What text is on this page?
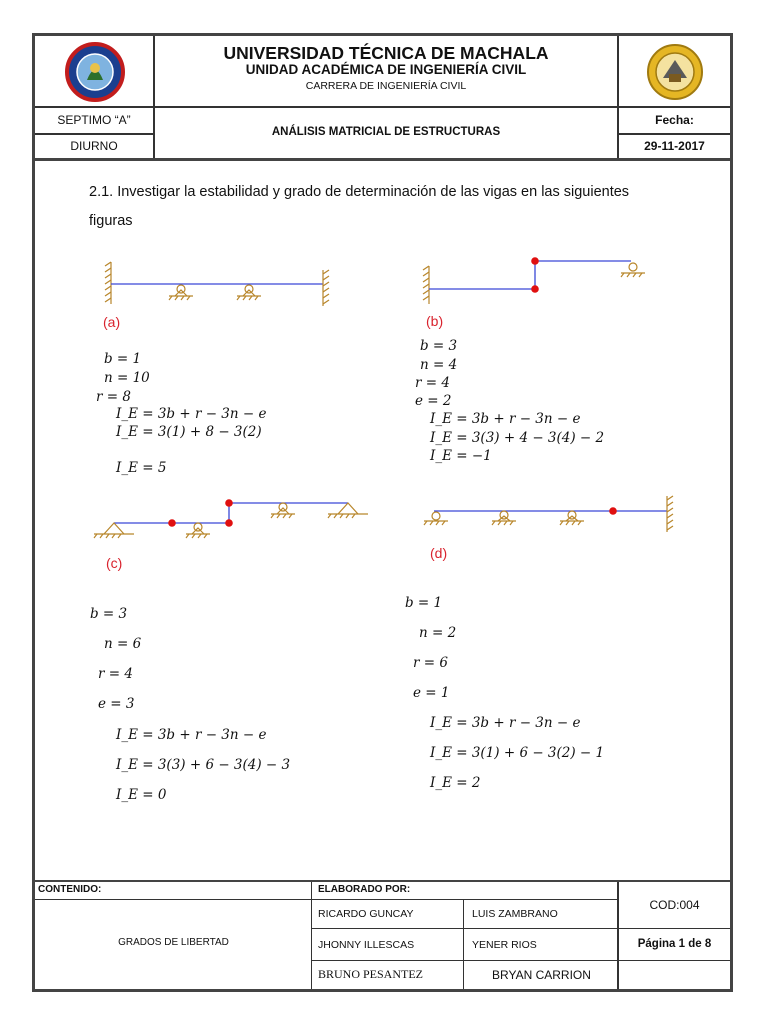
UNIVERSIDAD TÉCNICA DE MACHALA
UNIDAD ACADÉMICA DE INGENIERÍA CIVIL
CARRERA DE INGENIERÍA CIVIL
SEPTIMO “A”
DIURNO
ANÁLISIS MATRICIAL DE ESTRUCTURAS
Fecha:
29-11-2017
2.1. Investigar la estabilidad y grado de determinación de las vigas en las siguientes
figuras
(a)
b = 1
n = 10
r = 8
I_E = 3b + r − 3n − e
I_E = 3(1) + 8 − 3(2)
I_E = 5
(b)
b = 3
n = 4
r = 4
e = 2
I_E = 3b + r − 3n − e
I_E = 3(3) + 4 − 3(4) − 2
I_E = −1
(c)
b = 3
n = 6
r = 4
e = 3
I_E = 3b + r − 3n − e
I_E = 3(3) + 6 − 3(4) − 3
I_E = 0
(d)
b = 1
n = 2
r = 6
e = 1
I_E = 3b + r − 3n − e
I_E = 3(1) + 6 − 3(2) − 1
I_E = 2
CONTENIDO:
GRADOS DE LIBERTAD
ELABORADO POR:
RICARDO GUNCAY	LUIS ZAMBRANO
JHONNY ILLESCAS	YENER RIOS
BRUNO PESANTEZ	BRYAN CARRION
COD:004
Página 1 de 8
